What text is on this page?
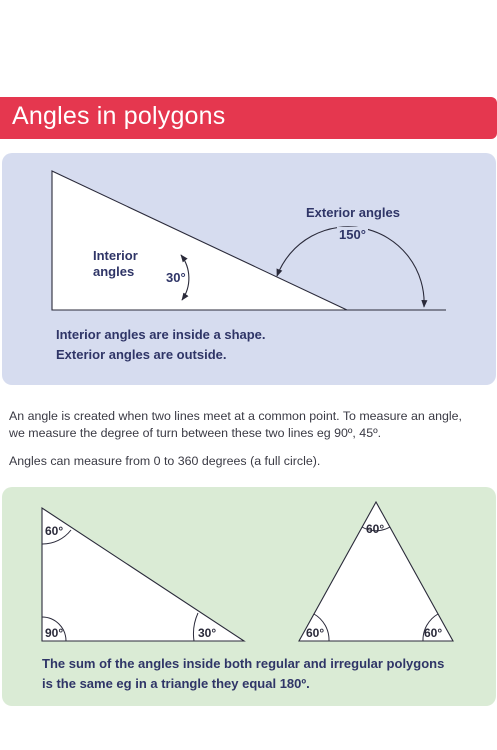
Angles in polygons
60°
90°	30°
60°
60°	60°
Interior
angles 30°
Exterior angles
150°
Interior angles are inside a shape.
Exterior angles are outside.
An angle is created when two lines meet at a common point. To measure an angle,
we measure the degree of turn between these two lines eg 90º, 45º.
Angles can measure from 0 to 360 degrees (a full circle).
The sum of the angles inside both regular and irregular polygons
is the same eg in a triangle they equal 180º.
